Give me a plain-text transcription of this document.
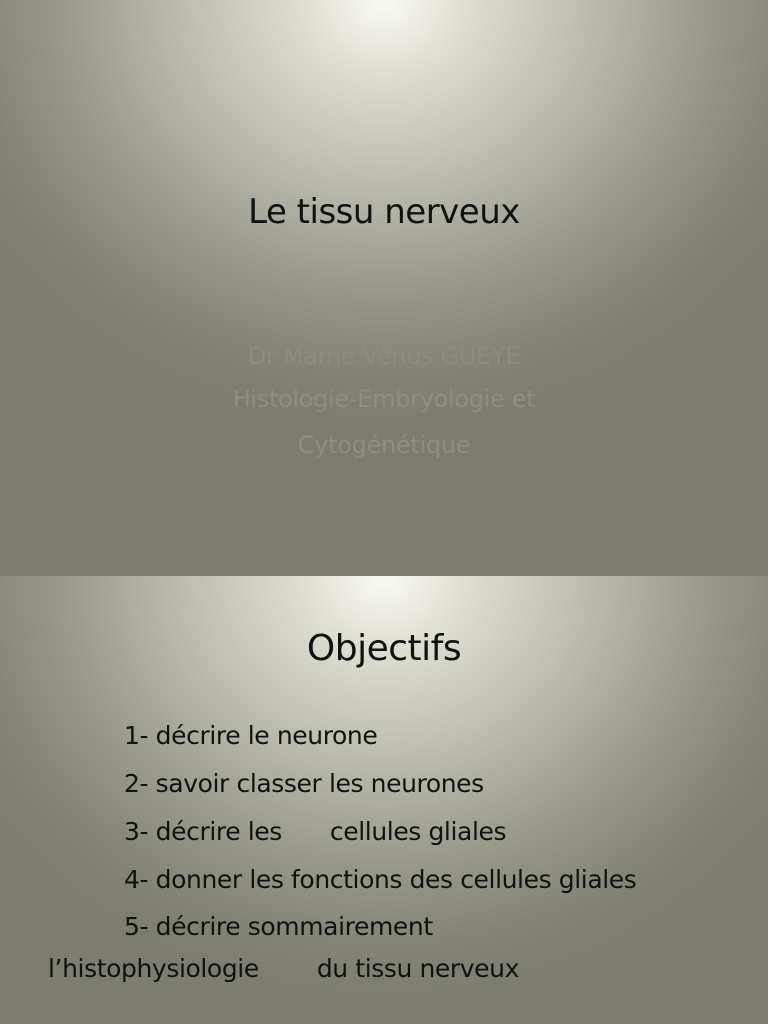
Le tissu nerveux
Dr Mame Vénus GUEYE
Histologie-Embryologie et
Cytogénétique
Objectifs
1- décrire le neurone
2- savoir classer les neurones
3- décrire les cellules gliales
4- donner les fonctions des cellules gliales
5- décrire sommairement
l’histophysiologie du tissu nerveux
